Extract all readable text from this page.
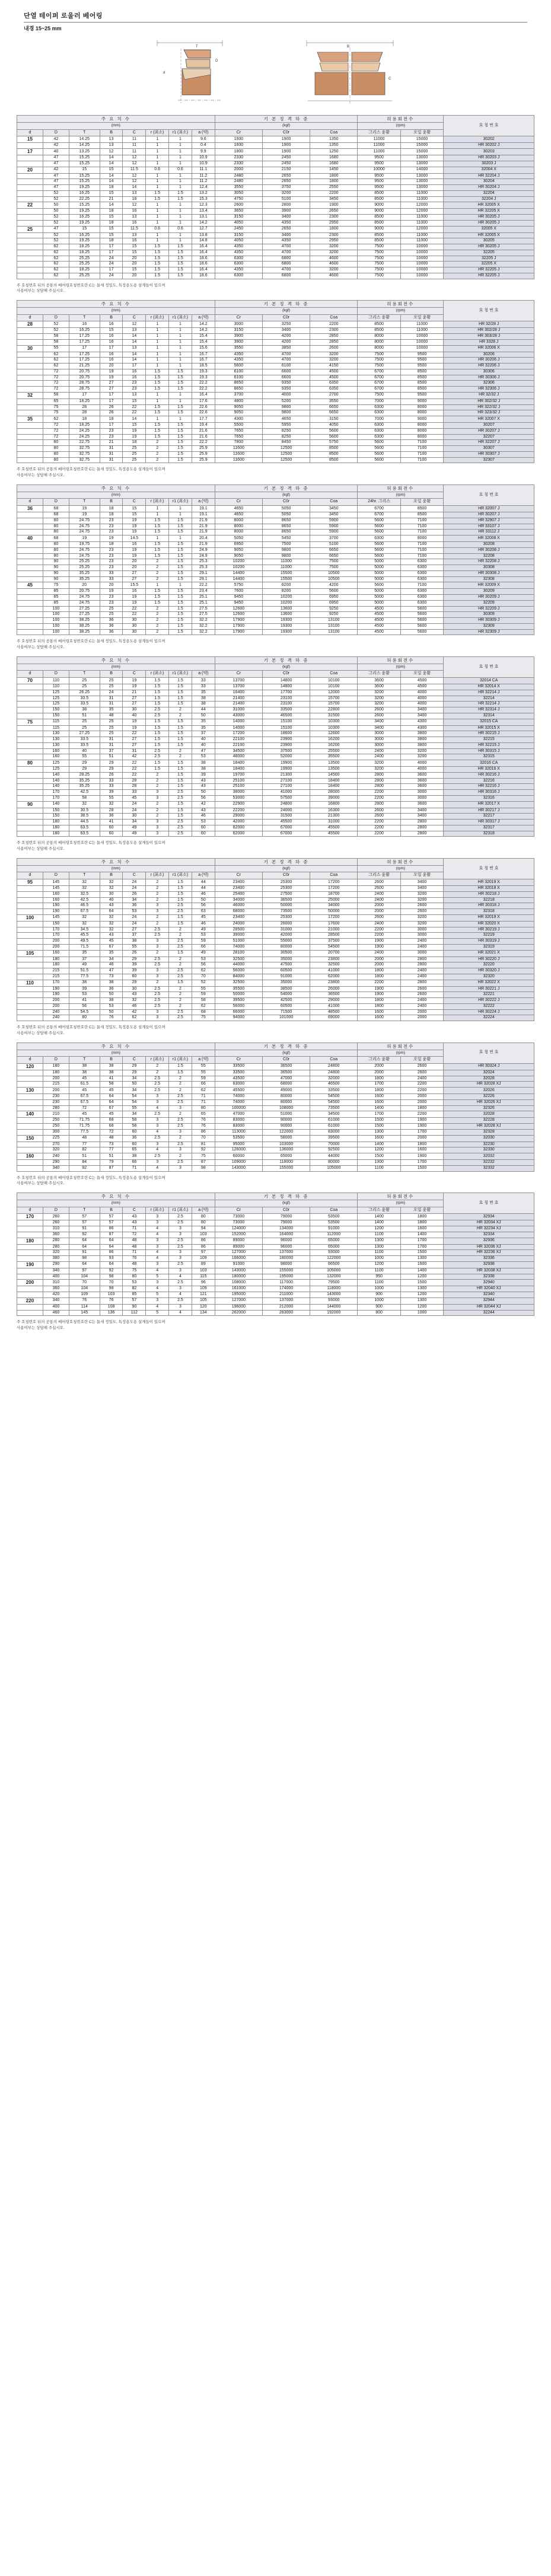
단열 테이퍼 로울러 베어링
내경 15~25 mm
d
D
T	B
C
주 요 치 수								기 본 정 격 하 중			허용회전수		호 칭 번 호
(mm)								(kgf)			(rpm)		
d	D	T	B	C	r (최소)	r1 (최소)	a (약)	Cr	C0r	Coa	그리스 윤활	오일 윤활	
15	42	14.25	13	11	1	1	9.6	1930	1900	1350	11000	15000	30202
	42	14.25	13	11	1	1	0.4	1930	1900	1350	11000	15000	HR 30202 J
17	40	13.25	12	11	1	1	9.9	1800	1900	1250	11000	15000	30203
	47	15.25	14	12	1	1	10.9	2330	2450	1680	9500	13000	HR 30203 J
	47	15.25	14	12	1	1	10.9	2330	2450	1680	9500	13000	30203 J
20	42	15	15	11.5	0.6	0.6	11.1	2000	2150	1450	10000	14000	32004 X
	47	15.25	14	12	1	1	11.2	2480	2650	1800	9500	13000	HR 32204 J
	47	15.25	14	12	1	1	11.2	2480	2650	1800	9500	13000	30204
	47	19.25	18	14	1	1	12.4	3550	3750	2550	9500	13000	HR 30204 J
	52	16.25	15	13	1.5	1.5	13.2	3050	3200	2200	8500	11000	32204
	52	22.25	21	18	1.5	1.5	15.3	4750	5100	3450	8500	11000	32204 J
22	50	15.25	14	12	1	1	12.3	2600	2800	1900	9000	12000	HR 32005 X
	50	19.25	18	16	1	1	13.4	3650	3900	2650	9000	12000	HR 32205 X
	52	16.25	15	13	1	1	13.1	3150	3400	2300	8500	11000	HR 30205 J
	52	19.25	18	16	1	1	14.2	4050	4350	2950	8500	11000	HR 30205 J
25	47	15	15	11.5	0.6	0.6	12.7	2450	2650	1800	9000	12000	32005 X
	52	16.25	15	13	1	1	13.8	3150	3400	2300	8500	11000	HR 32005 X
	52	19.25	18	16	1	1	14.8	4050	4350	2950	8500	11000	30205
	62	18.25	17	15	1.5	1.5	16.4	4350	4700	3200	7500	10000	HR 30205 J
	62	18.25	17	15	1.5	1.5	16.4	4350	4700	3200	7500	10000	32205
	62	25.25	24	20	1.5	1.5	18.6	6300	6800	4600	7500	10000	32205 J
	62	25.25	24	20	1.5	1.5	18.6	6300	6800	4600	7500	10000	32205 X
	62	18.25	17	15	1.5	1.5	16.4	4350	4700	3200	7500	10000	HR 32205 J
	62	25.25	24	20	1.5	1.5	18.6	6300	6800	4600	7500	10000	HR 32205 J
주 호칭번호 뒤의 공통의 베어링호칭번호란 C는 틈새 정밀도, 특정용도용 설계들이 있으며
사용여부는 상담해 주십시오.
주 요 치 수								기 본 정 격 하 중			허용회전수		호 칭 번 호
(mm)								(kgf)			(rpm)		
d	D	T	B	C	r (최소)	r1 (최소)	a (약)	Cr	C0r	Coa	그리스 윤활	오일 윤활	
28	52	16	16	12	1	1	14.2	3000	3250	2200	8500	11000	HR 32/28 J
	52	16.25	15	13	1	1	14.2	3150	3400	2300	8500	11000	HR 302/28 J
	58	17.25	16	14	1	1	15.4	3900	4200	2850	8000	10000	HR 303/28 J
	58	17.25	16	14	1	1	15.4	3900	4200	2850	8000	10000	HR 3328 J
30	55	17	17	13	1	1	15.6	3550	3850	2600	8000	10000	HR 32006 X
	62	17.25	16	14	1	1	16.7	4350	4700	3200	7500	9500	30206
	62	17.25	16	14	1	1	16.7	4350	4700	3200	7500	9500	HR 30206 J
	62	21.25	20	17	1	1	18.5	5600	6100	4150	7500	9500	HR 32206 J
	72	20.75	19	16	1.5	1.5	19.3	6100	6600	4500	6700	8500	30306
	72	20.75	19	16	1.5	1.5	19.3	6100	6600	4500	6700	8500	HR 30306 J
	72	28.75	27	23	1.5	1.5	22.2	8650	9350	6350	6700	8500	32306
	72	28.75	27	23	1.5	1.5	22.2	8650	9350	6350	6700	8500	HR 32306 J
32	58	17	17	13	1	1	16.4	3700	4000	2700	7500	9500	HR 32/32 J
	65	18.25	17	15	1	1	17.6	4800	5200	3550	7000	9000	HR 302/32 J
	75	28	26	22	1.5	1.5	22.6	9050	9800	6650	6300	8000	HR 322/32 J
	75	28	26	22	1.5	1.5	22.6	9050	9800	6650	6300	8000	HR 323/32 J
35	62	18	18	14	1	1	17.7	4300	4650	3150	7000	9000	HR 32007 X
	72	18.25	17	15	1.5	1.5	19.4	5500	5950	4050	6300	8000	30207
	72	24.25	23	19	1.5	1.5	21.6	7650	8250	5600	6300	8000	HR 30207 J
	72	24.25	23	19	1.5	1.5	21.6	7650	8250	5600	6300	8000	32207
	80	22.75	21	18	2	1.5	22.2	7800	8450	5750	5600	7100	HR 32207 J
	80	32.75	31	25	2	1.5	25.9	11600	12500	8500	5600	7100	30307
	80	32.75	31	25	2	1.5	25.9	11600	12500	8500	5600	7100	HR 30307 J
	80	32.75	31	25	2	1.5	25.9	11600	12500	8500	5600	7100	32307
주 호칭번호 뒤의 공통의 베어링호칭번호란 C는 틈새 정밀도, 특정용도용 설계들이 있으며
사용여부는 상담해 주십시오.
주 요 치 수								기 본 정 격 하 중			허용회전수		호 칭 번 호
(mm)								(kgf)			(rpm)		
d	D	T	B	C	r (최소)	r1 (최소)	a (약)	Cr	C0r	Coa	24hr. 그리스	오일 윤활	
36	68	19	18	15	1	1	19.1	4650	5050	3450	6700	8500	HR 32007 J
	68	19	18	15	1	1	19.1	4650	5050	3450	6700	8500	HR 30207 J
	80	24.75	23	19	1.5	1.5	21.9	8000	8650	5900	5600	7100	HR 32907 J
	80	24.75	23	19	1.5	1.5	21.9	8000	8650	5900	5600	7100	HR 33107 J
	80	24.75	23	19	1.5	1.5	21.9	8000	8650	5900	5600	7100	HR 33112 J
40	68	19	19	14.5	1	1	20.4	5050	5450	3700	6300	8000	HR 32008 X
	80	19.75	18	16	1.5	1.5	21.9	6950	7500	5100	5600	7100	30208
	80	24.75	23	19	1.5	1.5	24.9	9050	9800	6650	5600	7100	HR 30208 J
	80	24.75	23	19	1.5	1.5	24.9	9050	9800	6650	5600	7100	32208
	90	25.25	23	20	2	1.5	25.3	10200	11000	7500	5000	6300	HR 32208 J
	90	25.25	23	20	2	1.5	25.3	10200	11000	7500	5000	6300	30308
	90	35.25	33	27	2	1.5	29.1	14400	15500	10500	5000	6300	HR 30308 J
	90	35.25	33	27	2	1.5	29.1	14400	15500	10500	5000	6300	32308
45	75	20	20	15.5	1	1	22.2	5750	6200	4200	5600	7100	HR 32009 X
	85	20.75	19	16	1.5	1.5	23.4	7600	8200	5600	5000	6300	30209
	85	24.75	23	19	1.5	1.5	25.1	9450	10200	6950	5000	6300	HR 30209 J
	85	24.75	23	19	1.5	1.5	25.1	9450	10200	6950	5000	6300	32209
	100	27.25	25	22	2	1.5	27.5	12600	13600	9250	4500	5600	HR 32209 J
	100	27.25	25	22	2	1.5	27.5	12600	13600	9250	4500	5600	30309
	100	38.25	36	30	2	1.5	32.2	17900	19300	13100	4500	5600	HR 30309 J
	100	38.25	36	30	2	1.5	32.2	17900	19300	13100	4500	5600	32309
	100	38.25	36	30	2	1.5	32.2	17900	19300	13100	4500	5600	HR 32309 J
주 호칭번호 뒤의 공통의 베어링호칭번호란 C는 틈새 정밀도, 특정용도용 설계들이 있으며
사용여부는 상담해 주십시오.
주 요 치 수								기 본 정 격 하 중			허용회전수		호 칭 번 호
(mm)								(kgf)			(rpm)		
d	D	T	B	C	r (최소)	r1 (최소)	a (약)	Cr	C0r	Coa	그리스 윤활	오일 윤활	
70	110	25	25	19	1.5	1.5	33	13700	14800	10100	3600	4500	32014 CA
	110	25	25	19	1.5	1.5	33	13700	14800	10100	3600	4500	HR 32014 X
	125	26.25	24	21	1.5	1.5	35	16400	17700	12000	3200	4000	HR 32214 J
	125	33.5	31	27	1.5	1.5	38	21400	23100	15700	3200	4000	32214
	125	33.5	31	27	1.5	1.5	38	21400	23100	15700	3200	4000	HR 32214 J
	150	38	35	30	2.5	2	44	31000	33500	22800	2600	3400	HR 32314 J
	150	51	48	40	2.5	2	50	43000	46500	31500	2600	3400	32314
75	115	25	25	19	1.5	1.5	35	14000	15100	10300	3400	4300	32015 CA
	115	25	25	19	1.5	1.5	35	14000	15100	10300	3400	4300	HR 32015 X
	130	27.25	25	22	1.5	1.5	37	17200	18600	12600	3000	3800	HR 30215 J
	130	33.5	31	27	1.5	1.5	40	22100	23900	16200	3000	3800	32215
	130	33.5	31	27	1.5	1.5	40	22100	23900	16200	3000	3800	HR 32215 J
	160	40	37	31	2.5	2	47	34500	37500	25500	2400	3200	HR 30315 J
	160	55	51	42	2.5	2	53	48000	52000	35500	2400	3200	32315
80	125	29	29	22	1.5	1.5	38	18400	19900	13500	3200	4000	32016 CA
	125	29	29	22	1.5	1.5	38	18400	19900	13500	3200	4000	HR 32016 X
	140	28.25	26	22	2	1.5	39	19700	21300	14500	2800	3600	HR 30216 J
	140	35.25	33	28	2	1.5	43	25100	27100	18400	2800	3600	32216
	140	35.25	33	28	2	1.5	43	25100	27100	18400	2800	3600	HR 32216 J
	170	42.5	39	33	3	2.5	50	38000	41000	28000	2200	3000	HR 30316 J
	170	58	55	45	3	2.5	56	53000	57500	39000	2200	3000	32316
90	140	32	32	24	2	1.5	42	22900	24800	16800	2800	3600	HR 32017 X
	150	30.5	28	24	2	1.5	43	22200	24000	16300	2600	3400	HR 30217 J
	150	38.5	36	30	2	1.5	46	29000	31500	21300	2600	3400	32217
	180	44.5	41	34	3	2.5	53	42000	45500	31000	2200	2800	HR 30317 J
	180	63.5	60	49	3	2.5	60	62000	67000	45500	2200	2800	32317
	180	63.5	60	49	3	2.5	60	62000	67000	45500	2200	2800	32318
주 호칭번호 뒤의 공통의 베어링호칭번호란 C는 틈새 정밀도, 특정용도용 설계들이 있으며
사용여부는 상담해 주십시오.
주 요 치 수								기 본 정 격 하 중			허용회전수		호 칭 번 호
(mm)								(kgf)			(rpm)		
d	D	T	B	C	r (최소)	r1 (최소)	a (약)	Cr	C0r	Coa	그리스 윤활	오일 윤활	
95	145	32	32	24	2	1.5	44	23400	25300	17200	2600	3400	HR 32019 X
	145	32	32	24	2	1.5	44	23400	25300	17200	2600	3400	HR 32018 X
	160	32.5	30	26	2	1.5	46	25400	27500	18700	2400	3200	HR 30218 J
	160	42.5	40	34	2	1.5	50	34000	36500	25000	2400	3200	32218
	190	46.5	43	36	3	2.5	56	46000	50000	34000	2000	2600	HR 30318 J
	190	67.5	64	53	3	2.5	63	68000	73500	50000	2000	2600	32318
100	145	32	32	24	2	1.5	45	23400	25300	17200	2600	3200	HR 32019 X
	150	32	32	24	2	1.5	46	24000	26000	17600	2400	3200	HR 32020 X
	170	34.5	32	27	2.5	2	49	28500	31000	21000	2200	3000	HR 30219 J
	170	45.5	43	37	2.5	2	53	39000	42000	28500	2200	3000	32219
	200	49.5	45	38	3	2.5	59	51000	55000	37500	1900	2400	HR 30319 J
	200	71.5	67	55	3	2.5	66	74000	80000	54500	1900	2400	32319
105	160	35	35	26	2	1.5	49	28100	30500	20700	2400	3000	HR 32021 X
	180	37	34	29	2.5	2	53	32500	35000	23800	2000	2800	HR 30220 J
	180	49	46	39	2.5	2	56	44000	47500	32500	2000	2800	32220
	215	51.5	47	39	3	2.5	62	56000	60500	41000	1800	2400	HR 30320 J
	215	77.5	73	60	3	2.5	70	84000	91000	62000	1800	2400	32320
110	170	38	38	29	2	1.5	52	32500	35000	23800	2200	2800	HR 32022 X
	190	39	36	30	2.5	2	55	35500	38500	26000	1900	2600	HR 30221 J
	190	53	50	43	2.5	2	59	50000	54000	36500	1900	2600	32221
	200	41	38	32	2.5	2	58	39500	42500	29000	1800	2400	HR 30222 J
	200	56	53	46	2.5	2	62	56000	60500	41000	1800	2400	32222
	240	54.5	50	42	3	2.5	68	66000	71500	48500	1600	2000	HR 30224 J
	240	80	76	62	3	2.5	75	94000	101000	69000	1600	2000	32224
주 호칭번호 뒤의 공통의 베어링호칭번호란 C는 틈새 정밀도, 특정용도용 설계들이 있으며
사용여부는 상담해 주십시오.
주 요 치 수								기 본 정 격 하 중			허용회전수		호 칭 번 호
(mm)								(kgf)			(rpm)		
d	D	T	B	C	r (최소)	r1 (최소)	a (약)	Cr	C0r	Coa	그리스 윤활	오일 윤활	
120	180	38	38	29	2	1.5	55	33500	36500	24800	2000	2600	HR 30324 J
	180	38	38	29	2	1.5	55	33500	36500	24800	2000	2600	32024
	200	45	41	34	2.5	2	59	43500	47000	32000	1800	2400	32028
	215	61.5	58	50	2.5	2	66	63000	68000	46500	1700	2200	HR 32028 XJ
130	200	45	45	34	2.5	2	62	45500	49000	33500	1800	2200	32026
	230	67.5	64	54	3	2.5	71	74000	80000	54500	1600	2000	32226
	230	67.5	64	54	3	2.5	71	74000	80000	54500	1600	2000	HR 32026 XJ
	280	72	67	55	4	3	80	100000	108000	73500	1400	1800	32326
140	210	45	45	34	2.5	2	65	47000	51000	34500	1700	2200	32028
	250	71.75	68	58	3	2.5	76	83000	90000	61000	1500	1900	32228
	250	71.75	68	58	3	2.5	76	83000	90000	61000	1500	1900	HR 32028 XJ
	300	77.5	72	60	4	3	86	113000	122000	83000	1300	1700	32328
150	225	48	48	36	2.5	2	70	53500	58000	39500	1600	2000	32030
	270	77	73	60	3	2.5	81	95000	103000	70000	1400	1800	32230
	320	82	77	65	4	3	92	126000	136000	92500	1200	1600	32330
160	240	51	51	38	2.5	2	75	60000	65000	44000	1500	1900	32032
	290	84	79	66	3	2.5	87	109000	118000	80000	1300	1700	32232
	340	92	87	71	4	3	98	143000	155000	105000	1100	1500	32332
주 호칭번호 뒤의 공통의 베어링호칭번호란 C는 틈새 정밀도, 특정용도용 설계들이 있으며
사용여부는 상담해 주십시오.
주 요 치 수								기 본 정 격 하 중			허용회전수		호 칭 번 호
(mm)								(kgf)			(rpm)		
d	D	T	B	C	r (최소)	r1 (최소)	a (약)	Cr	C0r	Coa	그리스 윤활	오일 윤활	
170	260	57	57	43	3	2.5	80	73000	79000	53500	1400	1800	32934
	260	57	57	43	3	2.5	80	73000	79000	53500	1400	1800	HR 32034 XJ
	310	91	86	71	4	3	94	124000	134000	91000	1200	1600	HR 32234 XJ
	360	92	87	72	4	3	103	152000	164000	112000	1100	1400	32334
180	280	64	64	48	3	2.5	86	89000	96000	65000	1300	1700	32936
	280	64	64	48	3	2.5	86	89000	96000	65000	1300	1700	HR 32036 XJ
	320	91	86	71	4	3	97	127000	137000	93000	1100	1500	HR 32236 XJ
	380	98	93	76	4	3	109	166000	180000	122000	1000	1300	32336
190	290	64	64	48	3	2.5	89	91000	98000	66500	1200	1600	32938
	340	97	92	75	4	3	103	143000	155000	105000	1100	1400	HR 32038 XJ
	400	104	98	80	5	4	115	180000	195000	132000	950	1200	32338
200	310	70	70	53	3	2.5	96	108000	117000	79500	1100	1500	32940
	360	104	98	82	4	3	109	161000	174000	118000	1000	1300	HR 32040 XJ
	420	109	103	85	5	4	121	195000	211000	143000	900	1200	32340
220	340	76	76	57	3	2.5	105	127000	137000	93000	1000	1300	32944
	400	114	108	90	4	3	120	196000	212000	144000	900	1200	HR 32044 XJ
	460	145	136	112	5	4	134	262000	283000	192000	800	1000	32244
주 호칭번호 뒤의 공통의 베어링호칭번호란 C는 틈새 정밀도, 특정용도용 설계들이 있으며
사용여부는 상담해 주십시오.
